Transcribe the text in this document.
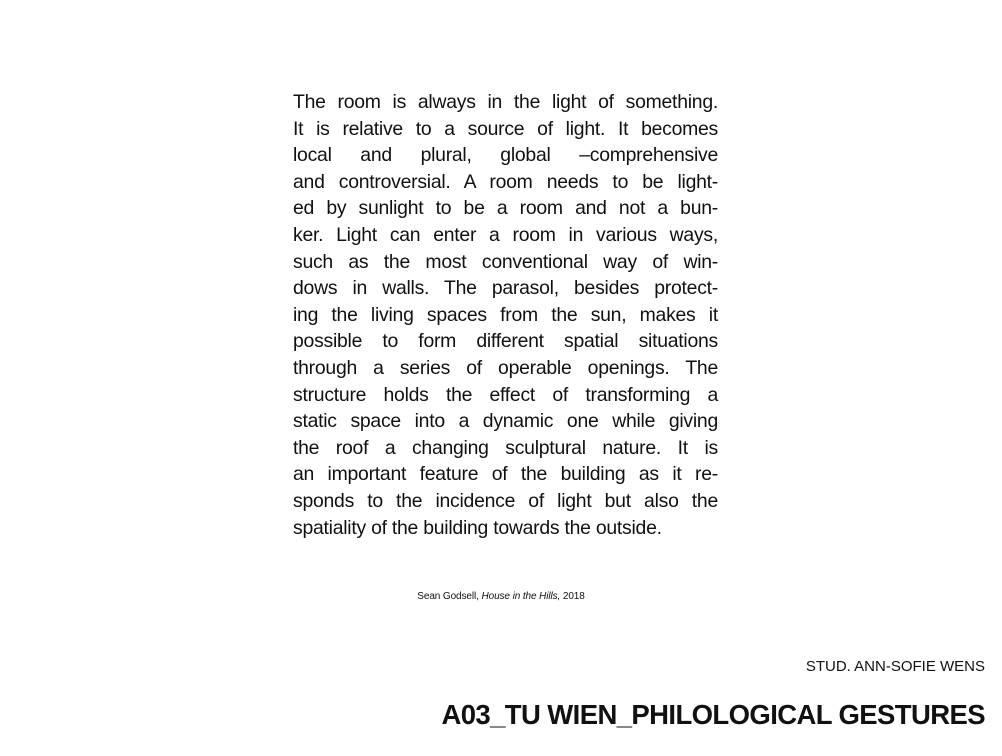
The room is always in the light of something.
It is relative to a source of light. It becomes
local and plural, global –comprehensive
and controversial. A room needs to be light-
ed by sunlight to be a room and not a bun-
ker. Light can enter a room in various ways,
such as the most conventional way of win-
dows in walls. The parasol, besides protect-
ing the living spaces from the sun, makes it
possible to form different spatial situations
through a series of operable openings. The
structure holds the effect of transforming a
static space into a dynamic one while giving
the roof a changing sculptural nature. It is
an important feature of the building as it re-
sponds to the incidence of light but also the
spatiality of the building towards the outside.
Sean Godsell, House in the Hills, 2018
STUD. ANN-SOFIE WENS
A03_TU WIEN_PHILOLOGICAL GESTURES
